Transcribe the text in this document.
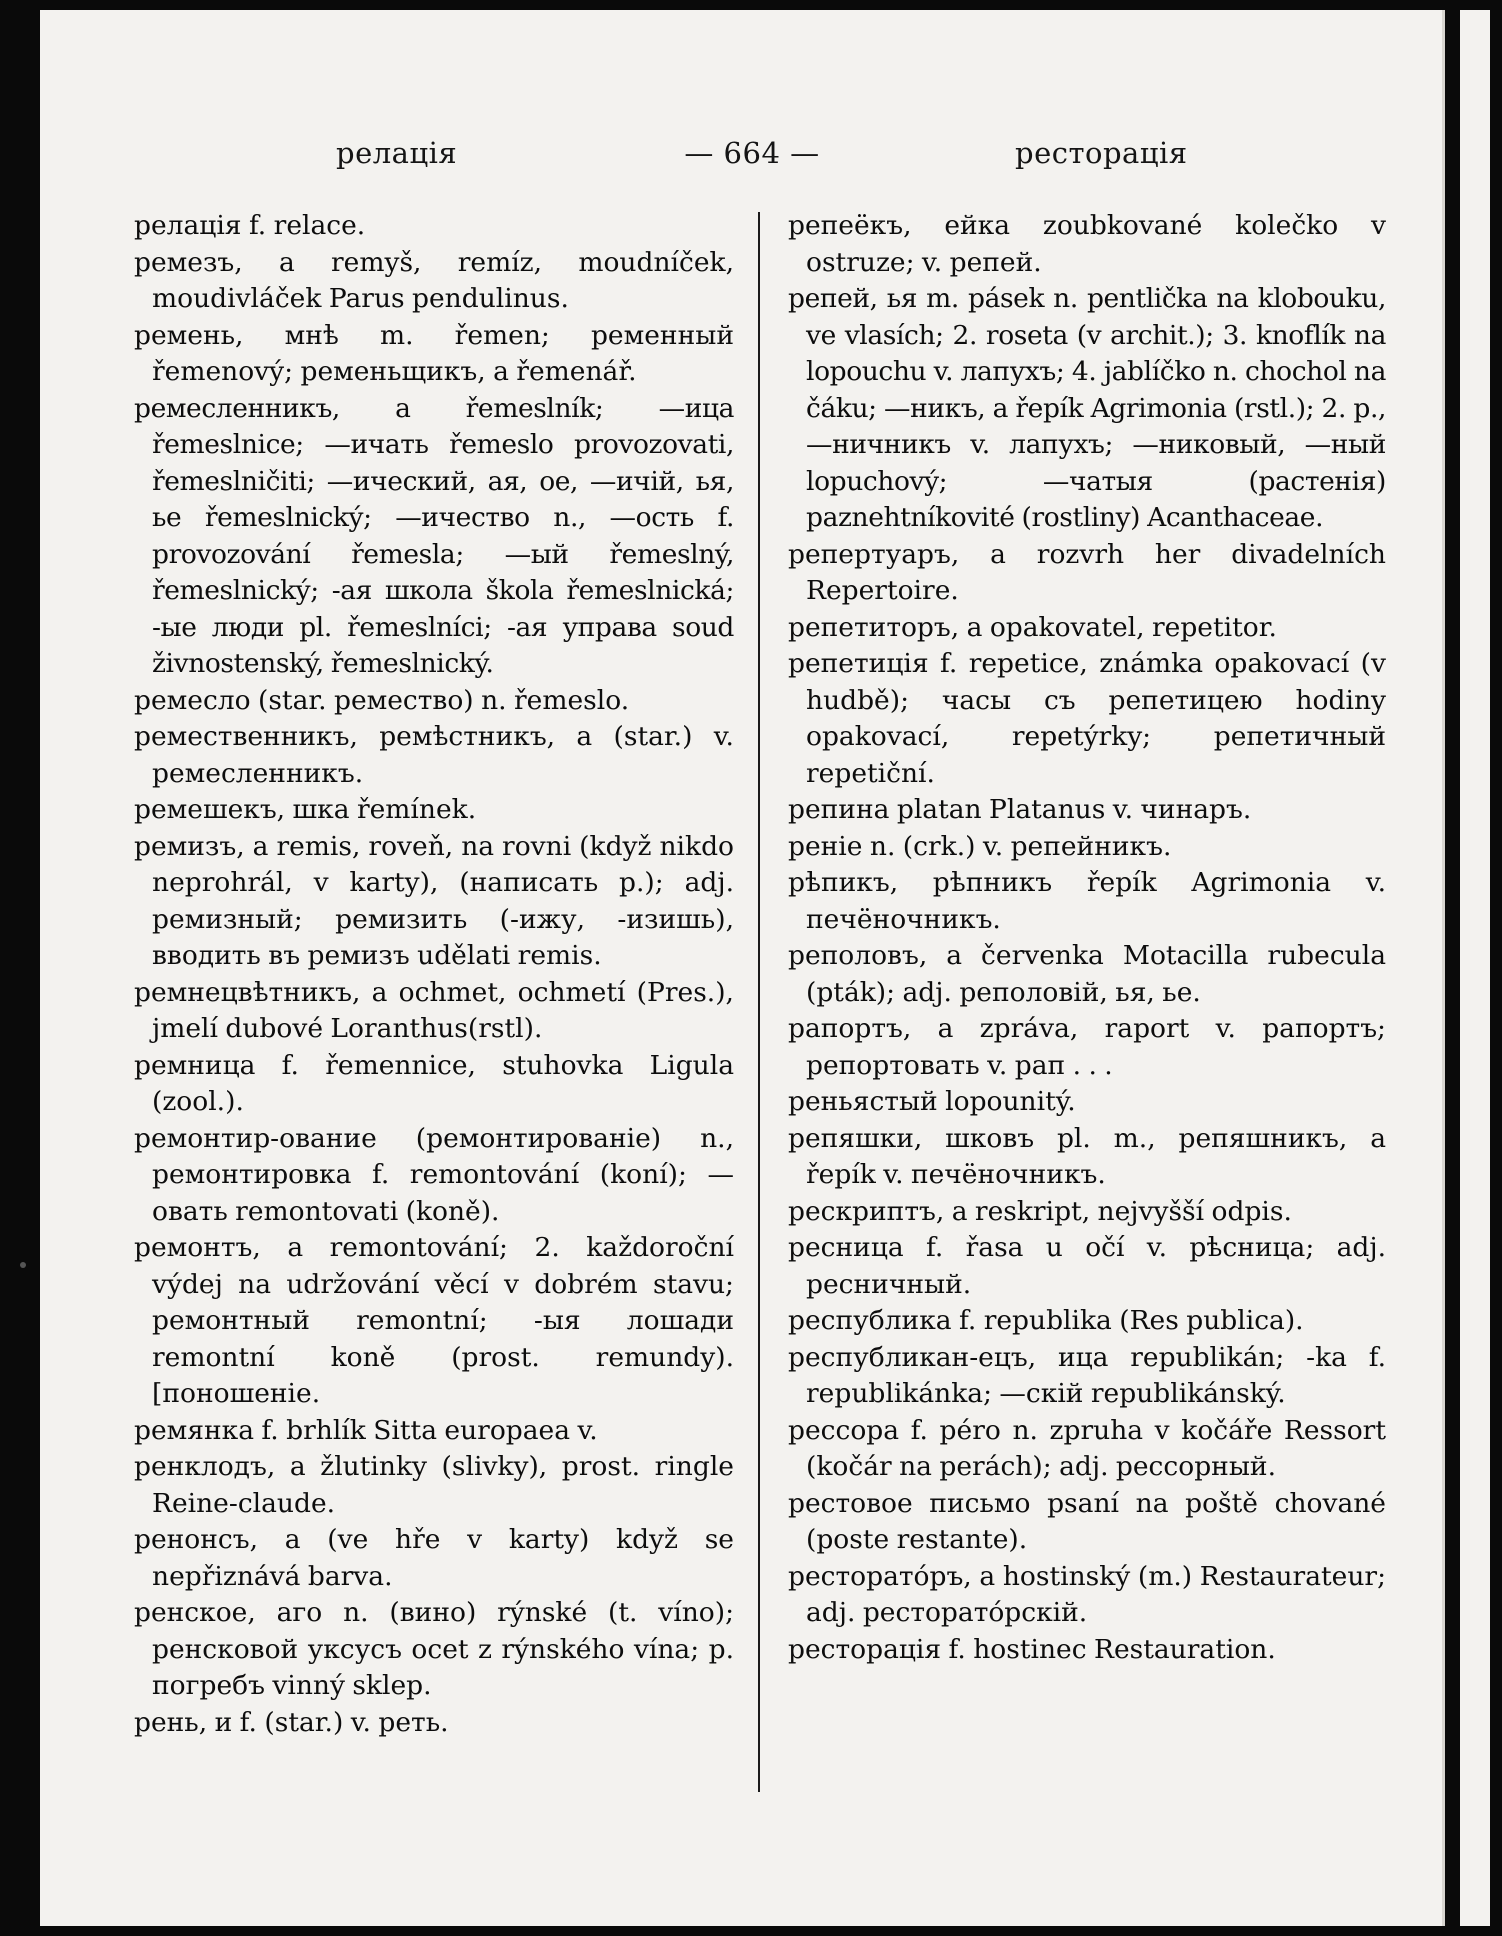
релація	— 664 —	ресторація

релація f. relace.

ремезъ, а remyš, remíz, moudníček, moudivláček Parus pendulinus.

ремень, мнѣ m. řemen; ременный řemenový; ременьщикъ, а řemenář.

ремесленникъ, а řemeslník; —ица řemeslnice; —ичать řemeslo provozovati, řemeslničiti; —ический, ая, ое, —ичій, ья, ье řemeslnický; —ичество n., —ость f. provozování řemesla; —ый řemeslný, řemeslnický; -ая школа škola řemeslnická; -ые люди pl. řemeslníci; -ая управа soud živnostenský, řemeslnický.

ремесло (star. ремество) n. řemeslo.

ремественникъ, ремѣстникъ, а (star.) v. ремесленникъ.

ремешекъ, шка řemínek.

ремизъ, а remis, roveň, na rovni (když nikdo neprohrál, v karty), (написать р.); adj. ремизный; ремизить (-ижу, -изишь), вводить въ ремизъ udělati remis.

ремнецвѣтникъ, а ochmet, ochmetí (Pres.), jmelí dubové Loranthus(rstl).

ремница f. řemennice, stuhovka Ligula (zool.).

ремонтир-ование (ремонтированіе) n., ремонтировка f. remontování (koní); —овать remontovati (koně).

ремонтъ, а remontování; 2. každoroční výdej na udržování věcí v dobrém stavu; ремонтный remontní; -ыя лошади remontní koně (prost. remundy). [поношеніе.

ремянка f. brhlík Sitta europaea v.

ренклодъ, а žlutinky (slivky), prost. ringle Reine-claude.

ренонсъ, а (ve hře v karty) když se nepřiznává barva.

ренское, аго n. (вино) rýnské (t. víno); ренсковой уксусъ ocet z rýnského vína; р. погребъ vinný sklep.

рень, и f. (star.) v. реть.

репеёкъ, ейка zoubkované kolečko v ostruze; v. репей.

репей, ья m. pásek n. pentlička na klobouku, ve vlasích; 2. roseta (v archit.); 3. knoflík na lopouchu v. лапухъ; 4. jablíčko n. chochol na čáku; —никъ, а řepík Agrimonia (rstl.); 2. p., —ничникъ v. лапухъ; —никовый, —ный lopuchový; —чатыя (растенія) paznehtníkovité (rostliny) Acanthaceae.

репертуаръ, а rozvrh her divadelních Repertoire.

репетиторъ, а opakovatel, repetitor.

репетиція f. repetice, známka opakovací (v hudbě); часы съ репетицею hodiny opakovací, repetýrky; репетичный repetiční.

репина platan Platanus v. чинаръ.

реніе n. (crk.) v. репейникъ.

рѣпикъ, рѣпникъ řepík Agrimonia v. печёночникъ.

реполовъ, а červenka Motacilla rubecula (pták); adj. реполовій, ья, ье.

рапортъ, а zpráva, raport v. рапортъ; репортовать v. рап . . .

реньястый lopounitý.

репяшки, шковъ pl. m., репяшникъ, а řepík v. печёночникъ.

рескриптъ, а reskript, nejvyšší odpis.

ресница f. řasa u očí v. рѣсница; adj. ресничный.

республика f. republika (Res publica).

республикан-ецъ, ица republikán; -ka f. republikánka; —скій republikánský.

рессора f. péro n. zpruha v kočáře Ressort (kočár na perách); adj. рессорный.

рестовое письмо psaní na poště chované (poste restante).

ресторато́ръ, а hostinský (m.) Restaurateur; adj. ресторато́рскій.

ресторація f. hostinec Restauration.
